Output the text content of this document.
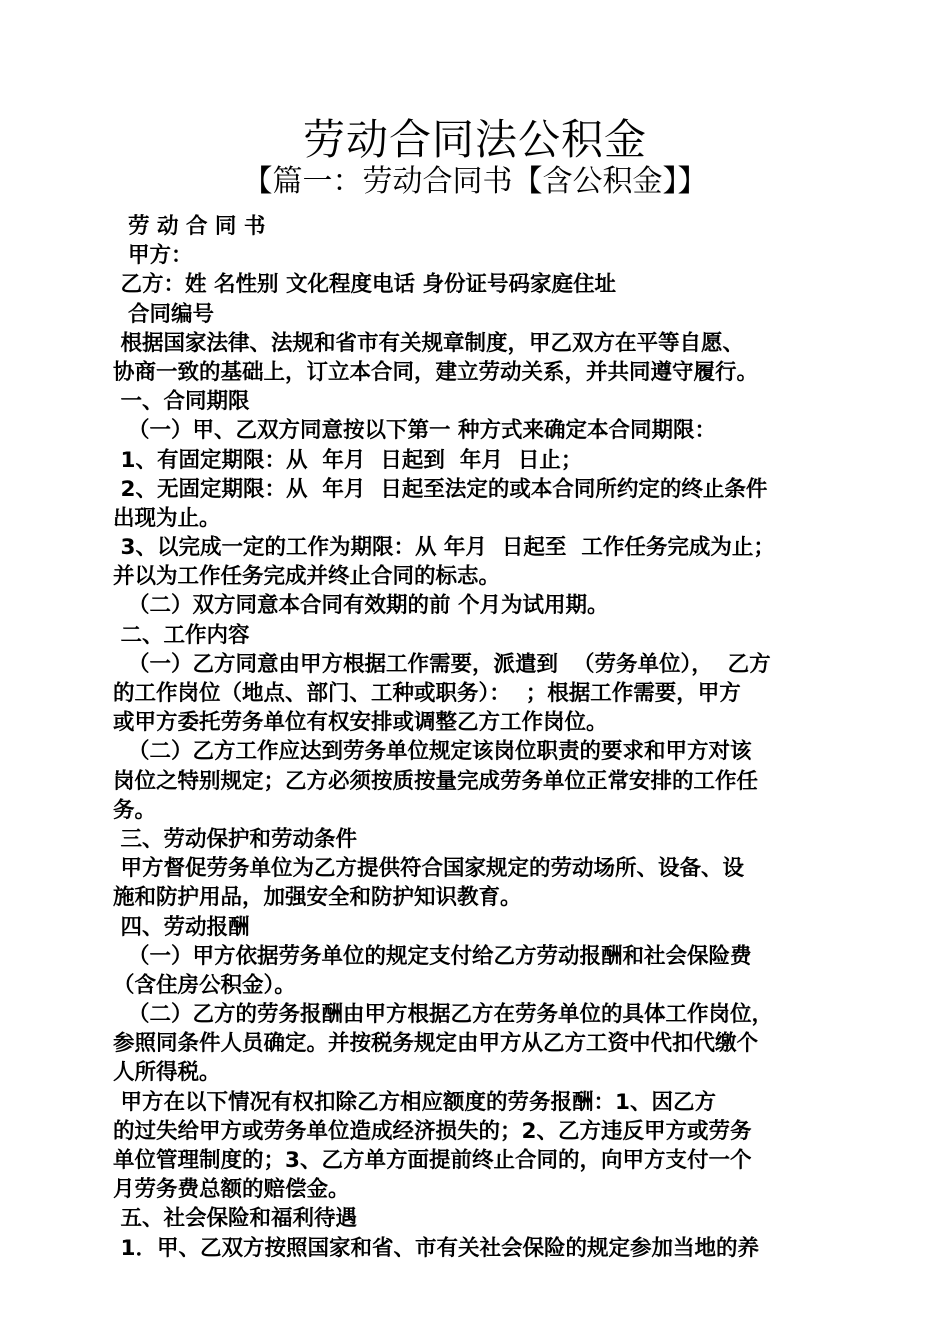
劳动合同法公积金
【篇一：劳动合同书【含公积金】】
劳 动 合 同 书
甲方：
乙方：姓 名性别 文化程度电话 身份证号码家庭住址
合同编号
根据国家法律、法规和省市有关规章制度，甲乙双方在平等自愿、
协商一致的基础上，订立本合同，建立劳动关系，并共同遵守履行。
一、合同期限
（一）甲、乙双方同意按以下第一 种方式来确定本合同期限：
1、有固定期限：从  年月  日起到  年月  日止；
2、无固定期限：从  年月  日起至法定的或本合同所约定的终止条件
出现为止。
3、以完成一定的工作为期限：从 年月  日起至  工作任务完成为止；
并以为工作任务完成并终止合同的标志。
（二）双方同意本合同有效期的前 个月为试用期。
二、工作内容
（一）乙方同意由甲方根据工作需要，派遣到  （劳务单位），  乙方
的工作岗位（地点、部门、工种或职务）：  ；根据工作需要，甲方
或甲方委托劳务单位有权安排或调整乙方工作岗位。
（二）乙方工作应达到劳务单位规定该岗位职责的要求和甲方对该
岗位之特别规定；乙方必须按质按量完成劳务单位正常安排的工作任
务。
三、劳动保护和劳动条件
甲方督促劳务单位为乙方提供符合国家规定的劳动场所、设备、设
施和防护用品，加强安全和防护知识教育。
四、劳动报酬
（一）甲方依据劳务单位的规定支付给乙方劳动报酬和社会保险费
（含住房公积金）。
（二）乙方的劳务报酬由甲方根据乙方在劳务单位的具体工作岗位，
参照同条件人员确定。并按税务规定由甲方从乙方工资中代扣代缴个
人所得税。
甲方在以下情况有权扣除乙方相应额度的劳务报酬：1、因乙方
的过失给甲方或劳务单位造成经济损失的；2、乙方违反甲方或劳务
单位管理制度的；3、乙方单方面提前终止合同的，向甲方支付一个
月劳务费总额的赔偿金。
五、社会保险和福利待遇
1．甲、乙双方按照国家和省、市有关社会保险的规定参加当地的养
